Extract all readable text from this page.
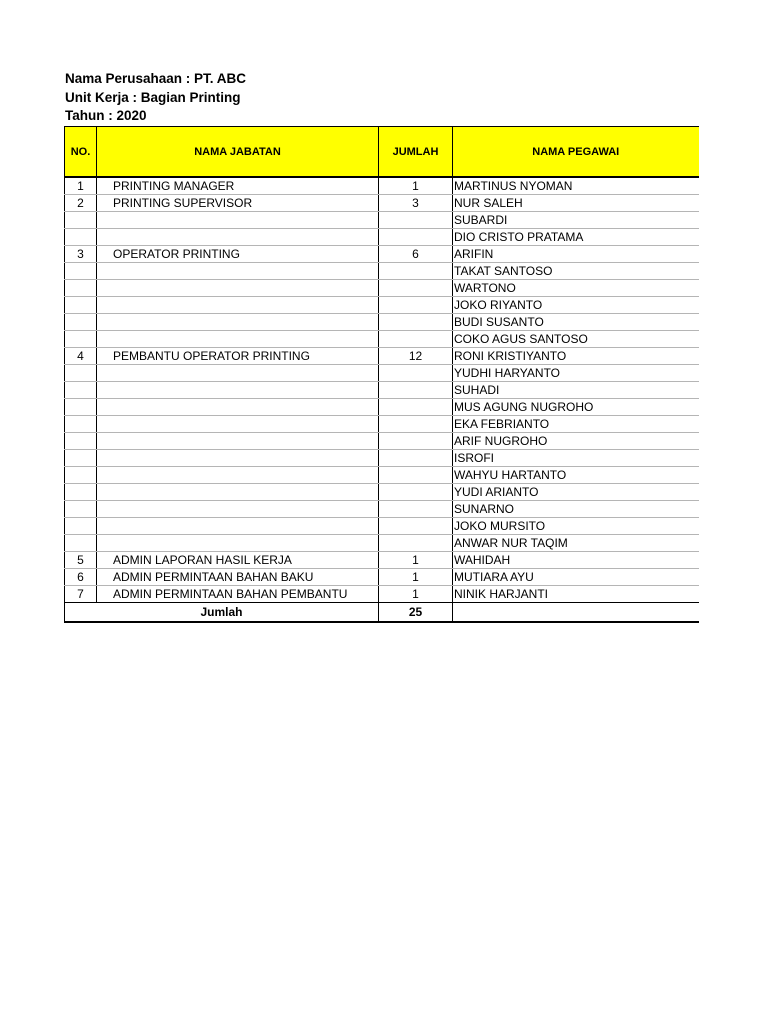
Nama Perusahaan : PT. ABC
Unit Kerja : Bagian Printing
Tahun : 2020
NO.	NAMA JABATAN	JUMLAH	NAMA PEGAWAI
1	PRINTING MANAGER	1	MARTINUS NYOMAN
2	PRINTING SUPERVISOR	3	NUR SALEH
			SUBARDI
			DIO CRISTO PRATAMA
3	OPERATOR PRINTING	6	ARIFIN
			TAKAT SANTOSO
			WARTONO
			JOKO RIYANTO
			BUDI SUSANTO
			COKO AGUS SANTOSO
4	PEMBANTU OPERATOR PRINTING	12	RONI KRISTIYANTO
			YUDHI HARYANTO
			SUHADI
			MUS AGUNG NUGROHO
			EKA FEBRIANTO
			ARIF NUGROHO
			ISROFI
			WAHYU HARTANTO
			YUDI ARIANTO
			SUNARNO
			JOKO MURSITO
			ANWAR NUR TAQIM
5	ADMIN LAPORAN HASIL KERJA	1	WAHIDAH
6	ADMIN PERMINTAAN BAHAN BAKU	1	MUTIARA AYU
7	ADMIN PERMINTAAN BAHAN PEMBANTU	1	NINIK HARJANTI
Jumlah		25	
